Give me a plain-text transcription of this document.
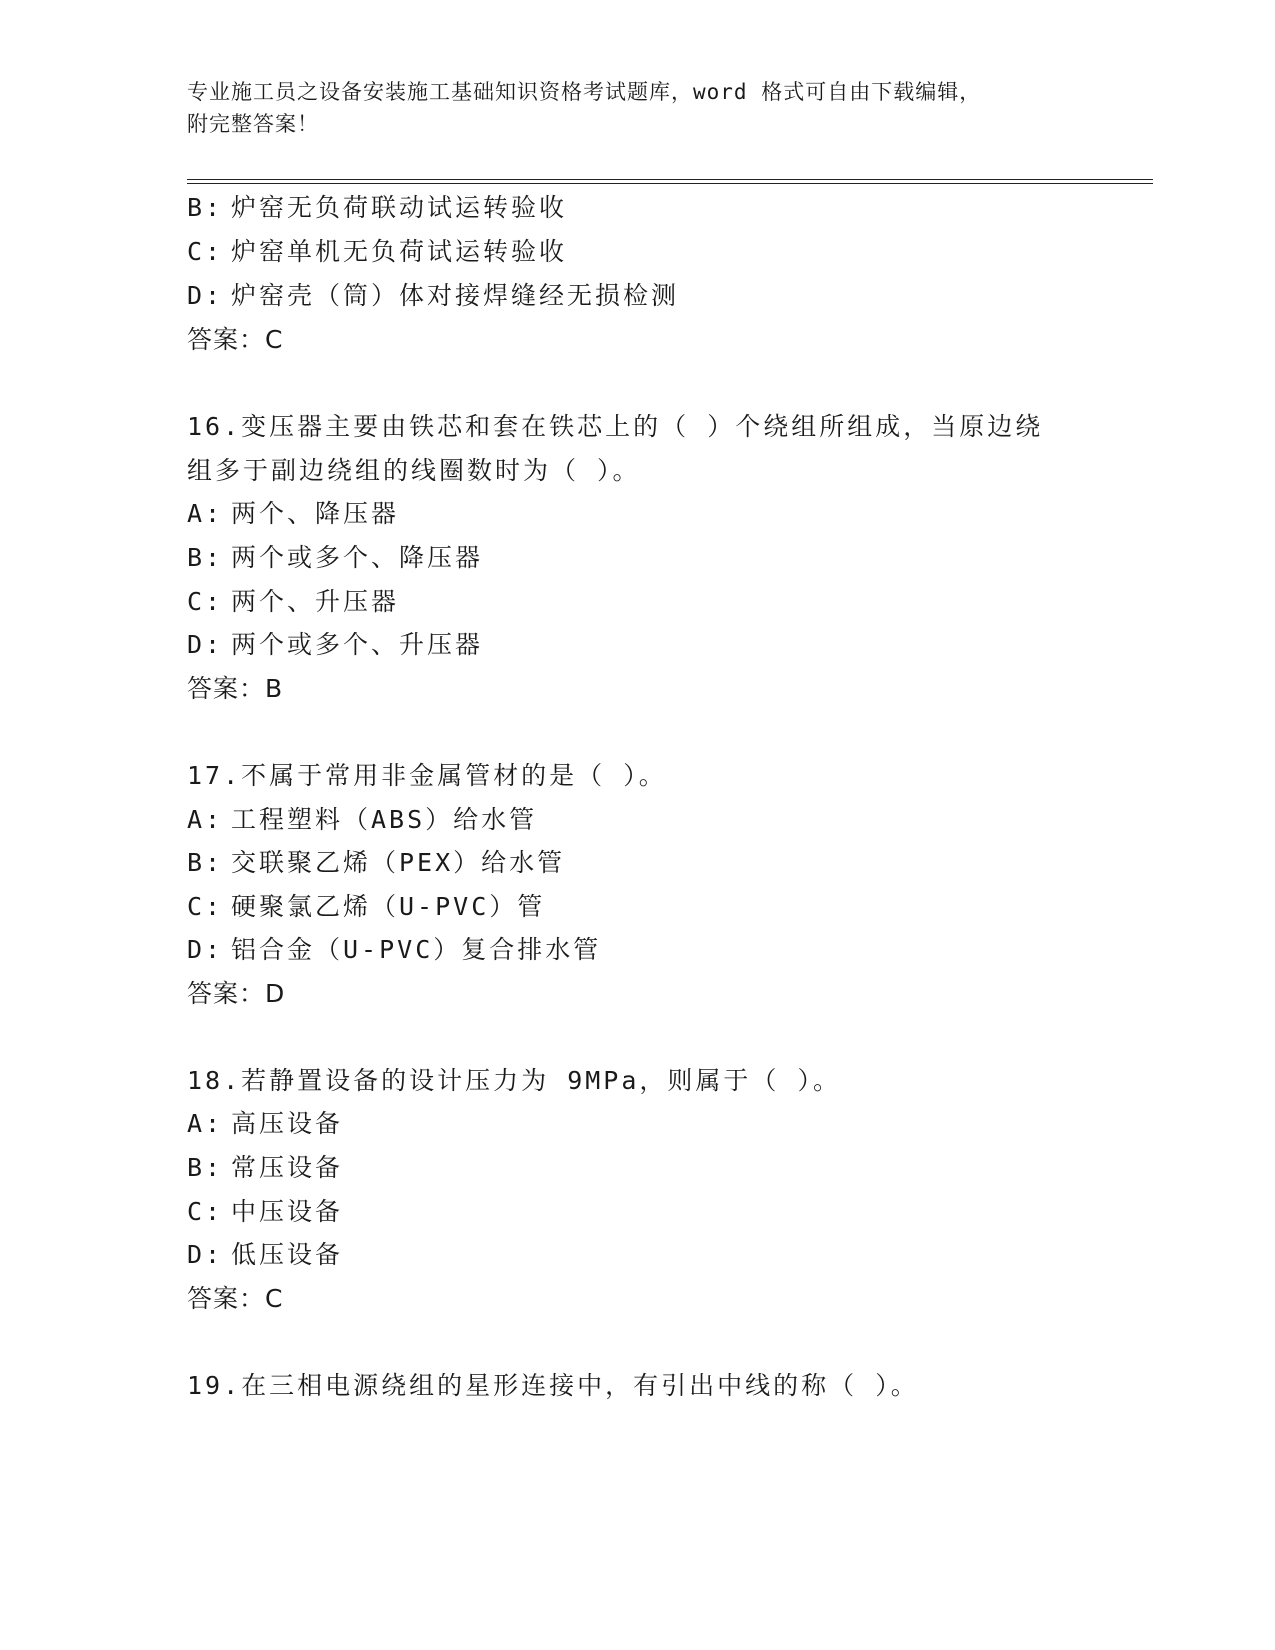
专业施工员之设备安装施工基础知识资格考试题库，word 格式可自由下载编辑，
附完整答案！
B: 炉窑无负荷联动试运转验收
C: 炉窑单机无负荷试运转验收
D: 炉窑壳（筒）体对接焊缝经无损检测
答案：C
16.变压器主要由铁芯和套在铁芯上的（ ）个绕组所组成，当原边绕
组多于副边绕组的线圈数时为（ ）。
A: 两个、降压器
B: 两个或多个、降压器
C: 两个、升压器
D: 两个或多个、升压器
答案：B
17.不属于常用非金属管材的是（ ）。
A: 工程塑料（ABS）给水管
B: 交联聚乙烯（PEX）给水管
C: 硬聚氯乙烯（U-PVC）管
D: 铝合金（U-PVC）复合排水管
答案：D
18.若静置设备的设计压力为 9MPa，则属于（ ）。
A: 高压设备
B: 常压设备
C: 中压设备
D: 低压设备
答案：C
19.在三相电源绕组的星形连接中，有引出中线的称（ ）。
